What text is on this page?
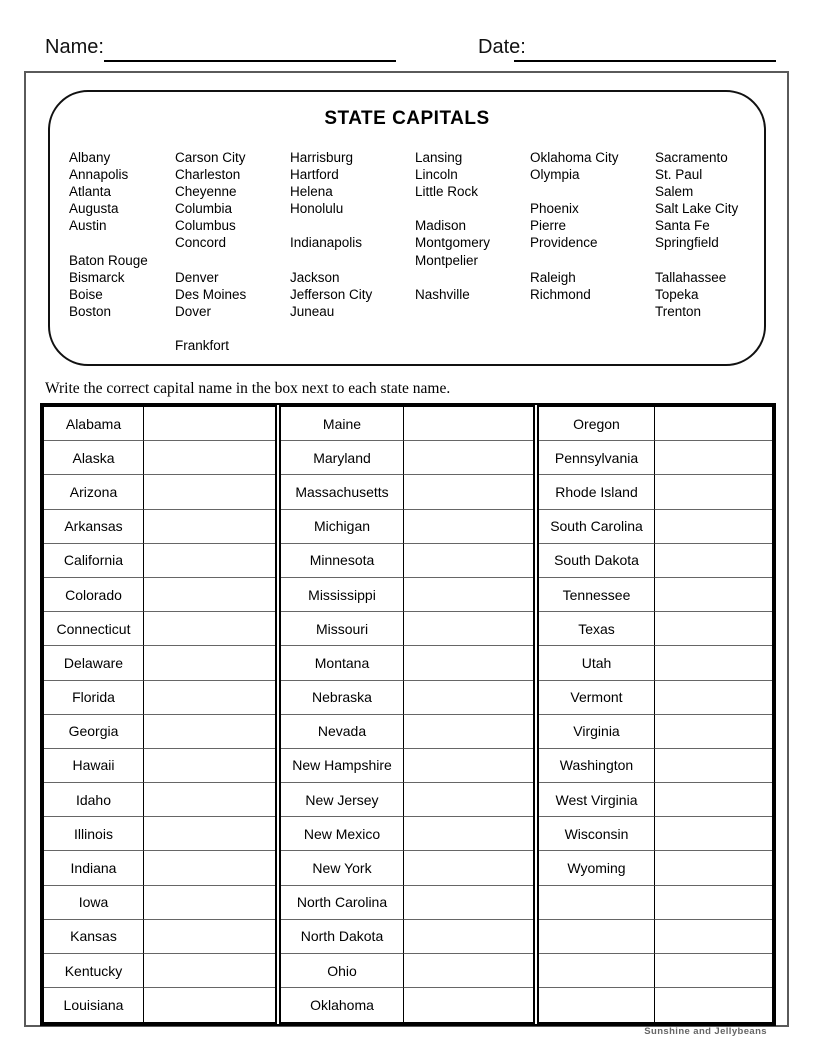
Name:	Date:
STATE CAPITALS
Albany
Annapolis
Atlanta
Augusta
Austin
Baton Rouge
Bismarck
Boise
Boston
Carson City
Charleston
Cheyenne
Columbia
Columbus
Concord
Denver
Des Moines
Dover
Frankfort
Harrisburg
Hartford
Helena
Honolulu
Indianapolis
Jackson
Jefferson City
Juneau
Lansing
Lincoln
Little Rock
Madison
Montgomery
Montpelier
Nashville
Oklahoma City
Olympia
Phoenix
Pierre
Providence
Raleigh
Richmond
Sacramento
St. Paul
Salem
Salt Lake City
Santa Fe
Springfield
Tallahassee
Topeka
Trenton
Write the correct capital name in the box next to each state name.
Alabama
Alaska
Arizona
Arkansas
California
Colorado
Connecticut
Delaware
Florida
Georgia
Hawaii
Idaho
Illinois
Indiana
Iowa
Kansas
Kentucky
Louisiana
Maine
Maryland
Massachusetts
Michigan
Minnesota
Mississippi
Missouri
Montana
Nebraska
Nevada
New Hampshire
New Jersey
New Mexico
New York
North Carolina
North Dakota
Ohio
Oklahoma
Oregon
Pennsylvania
Rhode Island
South Carolina
South Dakota
Tennessee
Texas
Utah
Vermont
Virginia
Washington
West Virginia
Wisconsin
Wyoming
Sunshine and Jellybeans
